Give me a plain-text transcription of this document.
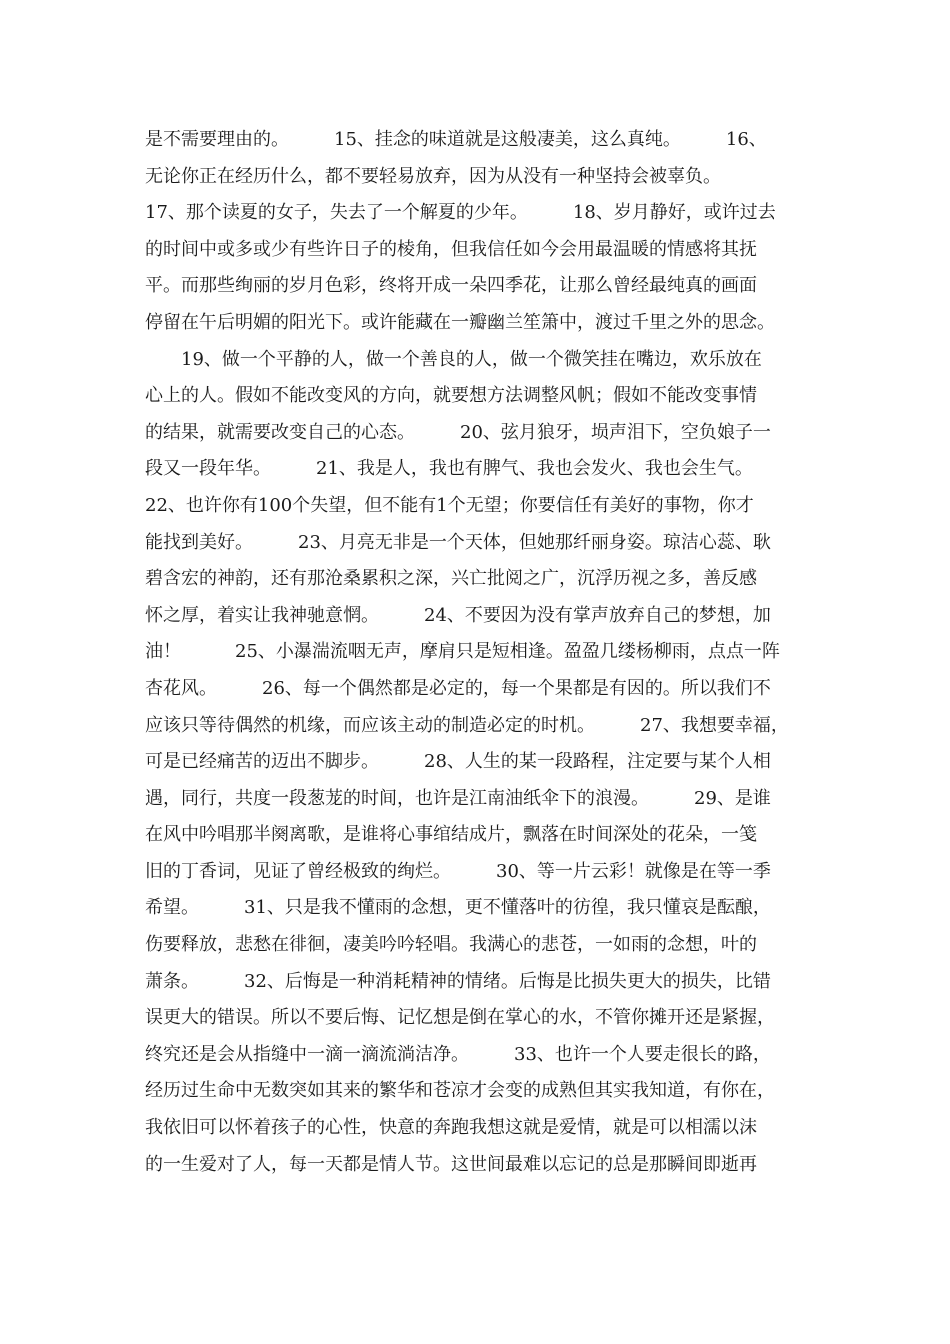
是不需要理由的。　　　15、挂念的味道就是这般凄美，这么真纯。　　　16、
无论你正在经历什么，都不要轻易放弃，因为从没有一种坚持会被辜负。
17、那个读夏的女子，失去了一个解夏的少年。　　　18、岁月静好，或许过去
的时间中或多或少有些许日子的棱角，但我信任如今会用最温暖的情感将其抚
平。而那些绚丽的岁月色彩，终将开成一朵四季花，让那么曾经最纯真的画面
停留在午后明媚的阳光下。或许能藏在一瓣幽兰笙箫中，渡过千里之外的思念。
　　19、做一个平静的人，做一个善良的人，做一个微笑挂在嘴边，欢乐放在
心上的人。假如不能改变风的方向，就要想方法调整风帆；假如不能改变事情
的结果，就需要改变自己的心态。　　　20、弦月狼牙，埙声泪下，空负娘子一
段又一段年华。　　　21、我是人，我也有脾气、我也会发火、我也会生气。
22、也许你有100个失望，但不能有1个无望；你要信任有美好的事物，你才
能找到美好。　　　23、月亮无非是一个天体，但她那纤丽身姿。琼洁心蕊、耿
碧含宏的神韵，还有那沧桑累积之深，兴亡批阅之广，沉浮历视之多，善反感
怀之厚，着实让我神驰意惘。　　　24、不要因为没有掌声放弃自己的梦想，加
油！　　　25、小瀑湍流咽无声，摩肩只是短相逢。盈盈几缕杨柳雨，点点一阵
杏花风。　　　26、每一个偶然都是必定的，每一个果都是有因的。所以我们不
应该只等待偶然的机缘，而应该主动的制造必定的时机。　　　27、我想要幸福，
可是已经痛苦的迈出不脚步。　　　28、人生的某一段路程，注定要与某个人相
遇，同行，共度一段葱茏的时间，也许是江南油纸伞下的浪漫。　　　29、是谁
在风中吟唱那半阕离歌，是谁将心事绾结成片，飘落在时间深处的花朵，一笺
旧的丁香词，见证了曾经极致的绚烂。　　　30、等一片云彩！就像是在等一季
希望。　　　31、只是我不懂雨的念想，更不懂落叶的彷徨，我只懂哀是酝酿，
伤要释放，悲愁在徘徊，凄美吟吟轻唱。我满心的悲苍，一如雨的念想，叶的
萧条。　　　32、后悔是一种消耗精神的情绪。后悔是比损失更大的损失，比错
误更大的错误。所以不要后悔、记忆想是倒在掌心的水，不管你摊开还是紧握，
终究还是会从指缝中一滴一滴流淌洁净。　　　33、也许一个人要走很长的路，
经历过生命中无数突如其来的繁华和苍凉才会变的成熟但其实我知道，有你在，
我依旧可以怀着孩子的心性，快意的奔跑我想这就是爱情，就是可以相濡以沫
的一生爱对了人，每一天都是情人节。这世间最难以忘记的总是那瞬间即逝再
